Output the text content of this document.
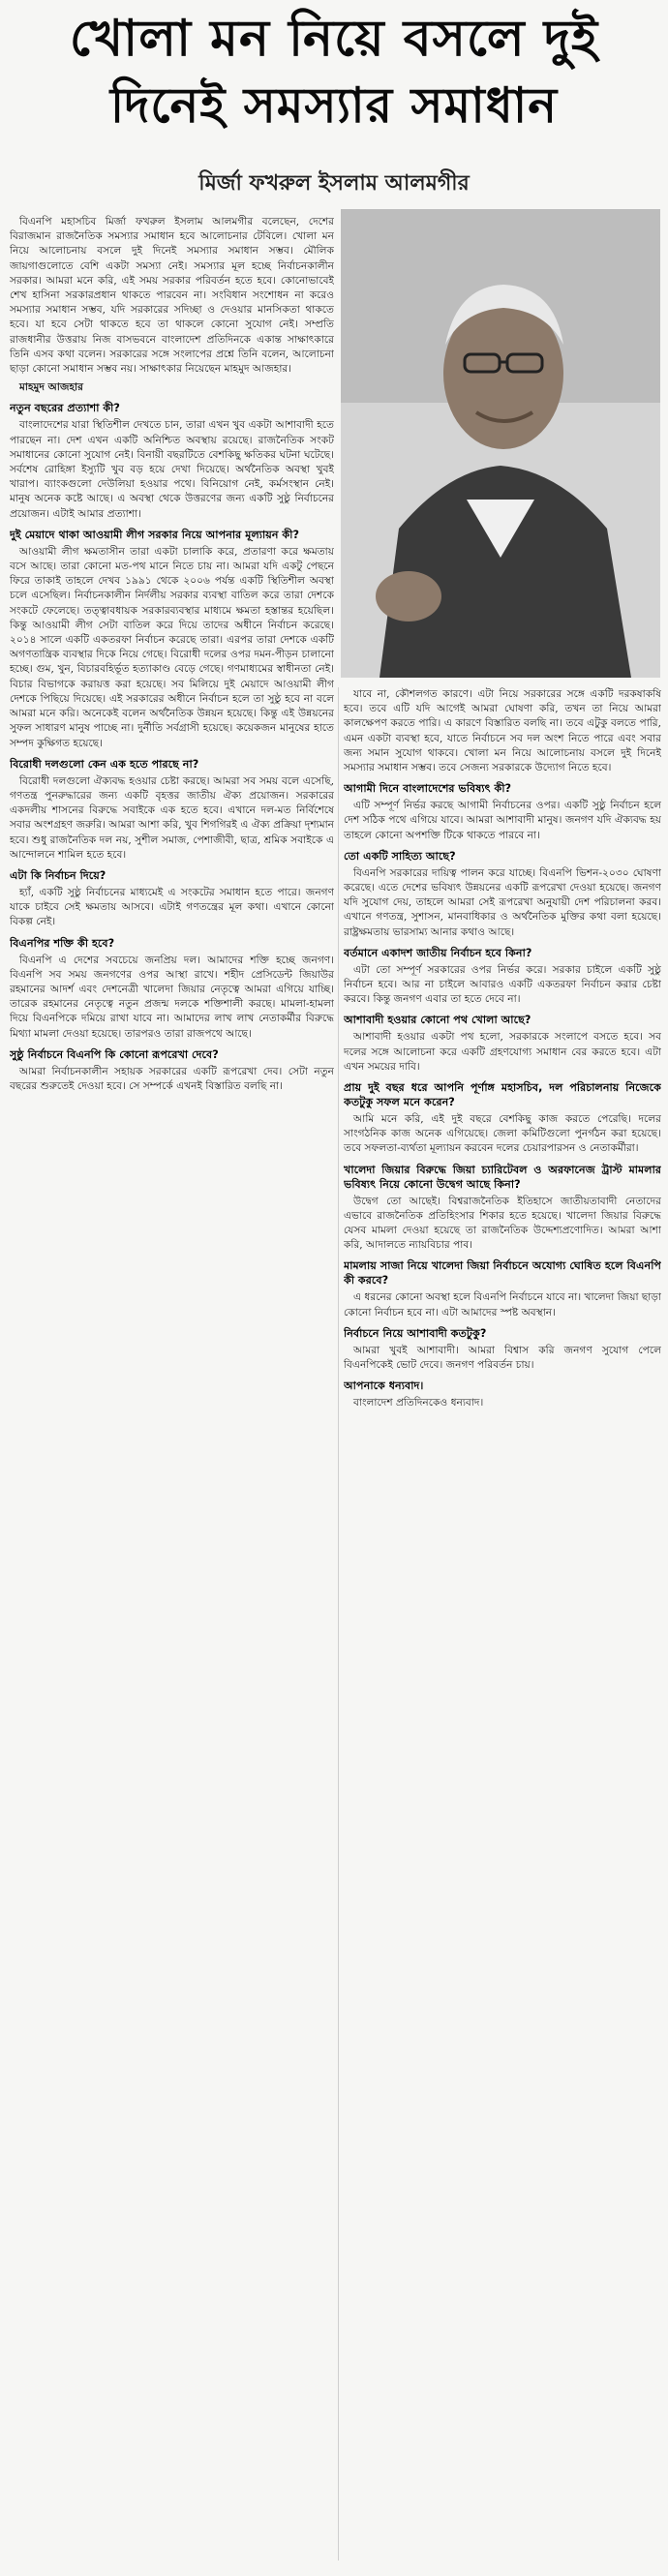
খোলা মন নিয়ে বসলে দুই
দিনেই সমস্যার সমাধান
মির্জা ফখরুল ইসলাম আলমগীর

বিএনপি মহাসচিব মির্জা ফখরুল ইসলাম আলমগীর বলেছেন, দেশের বিরাজমান রাজনৈতিক সমস্যার সমাধান হবে আলোচনার টেবিলে। খোলা মন নিয়ে আলোচনায় বসলে দুই দিনেই সমস্যার সমাধান সম্ভব। মৌলিক জায়গাগুলোতে বেশি একটা সমস্যা নেই। সমস্যার মূল হচ্ছে নির্বাচনকালীন সরকার। আমরা মনে করি, এই সময় সরকার পরিবর্তন হতে হবে। কোনোভাবেই শেখ হাসিনা সরকারপ্রধান থাকতে পারবেন না। সংবিধান সংশোধন না করেও সমস্যার সমাধান সম্ভব, যদি সরকারের সদিচ্ছা ও দেওয়ার মানসিকতা থাকতে হবে। যা হবে সেটা থাকতে হবে তা থাকলে কোনো সুযোগ নেই। সম্প্রতি রাজধানীর উত্তরায় নিজ বাসভবনে বাংলাদেশ প্রতিদিনকে একান্ত সাক্ষাৎকারে তিনি এসব কথা বলেন। সরকারের সঙ্গে সংলাপের প্রশ্নে তিনি বলেন, আলোচনা ছাড়া কোনো সমাধান সম্ভব নয়। সাক্ষাৎকার নিয়েছেন মাহমুদ আজহার।

মাহমুদ আজহার

নতুন বছরের প্রত্যাশা কী?

বাংলাদেশের যারা স্থিতিশীল দেখতে চান, তারা এখন খুব একটা আশাবাদী হতে পারছেন না। দেশ এখন একটি অনিশ্চিত অবস্থায় রয়েছে। রাজনৈতিক সংকট সমাধানের কোনো সুযোগ নেই। বিনায়ী বছরটিতে বেশকিছু ক্ষতিকর ঘটনা ঘটেছে। সর্বশেষ রোহিঙ্গা ইস্যুটি খুব বড় হয়ে দেখা দিয়েছে। অর্থনৈতিক অবস্থা খুবই খারাপ। ব্যাংকগুলো দেউলিয়া হওয়ার পথে। বিনিয়োগ নেই, কর্মসংস্থান নেই। মানুষ অনেক কষ্টে আছে। এ অবস্থা থেকে উত্তরণের জন্য একটি সুষ্ঠু নির্বাচনের প্রয়োজন। এটাই আমার প্রত্যাশা।

দুই মেয়াদে থাকা আওয়ামী লীগ সরকার নিয়ে আপনার মূল্যায়ন কী?

আওয়ামী লীগ ক্ষমতাসীন তারা একটা চালাকি করে, প্রতারণা করে ক্ষমতায় বসে আছে। তারা কোনো মত-পথ মানে নিতে চায় না। আমরা যদি একটু পেছনে ফিরে তাকাই তাহলে দেখব ১৯৯১ থেকে ২০০৬ পর্যন্ত একটি স্থিতিশীল অবস্থা চলে এসেছিল। নির্বাচনকালীন নির্দলীয় সরকার ব্যবস্থা বাতিল করে তারা দেশকে সংকটে ফেলেছে। তত্ত্বাবধায়ক সরকারব্যবস্থার মাধ্যমে ক্ষমতা হস্তান্তর হয়েছিল। কিন্তু আওয়ামী লীগ সেটা বাতিল করে দিয়ে তাদের অধীনে নির্বাচন করেছে। ২০১৪ সালে একটি একতরফা নির্বাচন করেছে তারা। এরপর তারা দেশকে একটি অগণতান্ত্রিক ব্যবস্থার দিকে নিয়ে গেছে। বিরোধী দলের ওপর দমন-পীড়ন চালানো হচ্ছে। গুম, খুন, বিচারবহির্ভূত হত্যাকাণ্ড বেড়ে গেছে। গণমাধ্যমের স্বাধীনতা নেই। বিচার বিভাগকে করায়ত্ত করা হয়েছে। সব মিলিয়ে দুই মেয়াদে আওয়ামী লীগ দেশকে পিছিয়ে দিয়েছে। এই সরকারের অধীনে নির্বাচন হলে তা সুষ্ঠু হবে না বলে আমরা মনে করি। অনেকেই বলেন অর্থনৈতিক উন্নয়ন হয়েছে। কিন্তু এই উন্নয়নের সুফল সাধারণ মানুষ পাচ্ছে না। দুর্নীতি সর্বগ্রাসী হয়েছে। কয়েকজন মানুষের হাতে সম্পদ কুক্ষিগত হয়েছে।

বিরোধী দলগুলো কেন এক হতে পারছে না?

বিরোধী দলগুলো ঐক্যবদ্ধ হওয়ার চেষ্টা করছে। আমরা সব সময় বলে এসেছি, গণতন্ত্র পুনরুদ্ধারের জন্য একটি বৃহত্তর জাতীয় ঐক্য প্রয়োজন। সরকারের একদলীয় শাসনের বিরুদ্ধে সবাইকে এক হতে হবে। এখানে দল-মত নির্বিশেষে সবার অংশগ্রহণ জরুরি। আমরা আশা করি, খুব শিগগিরই এ ঐক্য প্রক্রিয়া দৃশ্যমান হবে। শুধু রাজনৈতিক দল নয়, সুশীল সমাজ, পেশাজীবী, ছাত্র, শ্রমিক সবাইকে এ আন্দোলনে শামিল হতে হবে।

এটা কি নির্বাচন দিয়ে?

হ্যাঁ, একটি সুষ্ঠু নির্বাচনের মাধ্যমেই এ সংকটের সমাধান হতে পারে। জনগণ যাকে চাইবে সেই ক্ষমতায় আসবে। এটাই গণতন্ত্রের মূল কথা। এখানে কোনো বিকল্প নেই।

বিএনপির শক্তি কী হবে?

বিএনপি এ দেশের সবচেয়ে জনপ্রিয় দল। আমাদের শক্তি হচ্ছে জনগণ। বিএনপি সব সময় জনগণের ওপর আস্থা রাখে। শহীদ প্রেসিডেন্ট জিয়াউর রহমানের আদর্শ এবং দেশনেত্রী খালেদা জিয়ার নেতৃত্বে আমরা এগিয়ে যাচ্ছি। তারেক রহমানের নেতৃত্বে নতুন প্রজন্ম দলকে শক্তিশালী করছে। মামলা-হামলা দিয়ে বিএনপিকে দমিয়ে রাখা যাবে না। আমাদের লাখ লাখ নেতাকর্মীর বিরুদ্ধে মিথ্যা মামলা দেওয়া হয়েছে। তারপরও তারা রাজপথে আছে।

সুষ্ঠু নির্বাচনে বিএনপি কি কোনো রূপরেখা দেবে?

আমরা নির্বাচনকালীন সহায়ক সরকারের একটি রূপরেখা দেব। সেটা নতুন বছরের শুরুতেই দেওয়া হবে। সে সম্পর্কে এখনই বিস্তারিত বলছি না।

যাবে না, কৌশলগত কারণে। এটা নিয়ে সরকারের সঙ্গে একটি দরকষাকষি হবে। তবে এটি যদি আগেই আমরা ঘোষণা করি, তখন তা নিয়ে আমরা কালক্ষেপণ করতে পারি। এ কারণে বিস্তারিত বলছি না। তবে এটুকু বলতে পারি, এমন একটা ব্যবস্থা হবে, যাতে নির্বাচনে সব দল অংশ নিতে পারে এবং সবার জন্য সমান সুযোগ থাকবে। খোলা মন নিয়ে আলোচনায় বসলে দুই দিনেই সমস্যার সমাধান সম্ভব। তবে সেজন্য সরকারকে উদ্যোগ নিতে হবে।

আগামী দিনে বাংলাদেশের ভবিষ্যৎ কী?

এটি সম্পূর্ণ নির্ভর করছে আগামী নির্বাচনের ওপর। একটি সুষ্ঠু নির্বাচন হলে দেশ সঠিক পথে এগিয়ে যাবে। আমরা আশাবাদী মানুষ। জনগণ যদি ঐক্যবদ্ধ হয় তাহলে কোনো অপশক্তি টিকে থাকতে পারবে না।

তো একটি সাহিত্য আছে?

বিএনপি সরকারের দায়িত্ব পালন করে যাচ্ছে। বিএনপি ভিশন-২০৩০ ঘোষণা করেছে। এতে দেশের ভবিষ্যৎ উন্নয়নের একটি রূপরেখা দেওয়া হয়েছে। জনগণ যদি সুযোগ দেয়, তাহলে আমরা সেই রূপরেখা অনুযায়ী দেশ পরিচালনা করব। এখানে গণতন্ত্র, সুশাসন, মানবাধিকার ও অর্থনৈতিক মুক্তির কথা বলা হয়েছে। রাষ্ট্রক্ষমতায় ভারসাম্য আনার কথাও আছে।

বর্তমানে একাদশ জাতীয় নির্বাচন হবে কিনা?

এটা তো সম্পূর্ণ সরকারের ওপর নির্ভর করে। সরকার চাইলে একটি সুষ্ঠু নির্বাচন হবে। আর না চাইলে আবারও একটি একতরফা নির্বাচন করার চেষ্টা করবে। কিন্তু জনগণ এবার তা হতে দেবে না।

আশাবাদী হওয়ার কোনো পথ খোলা আছে?

আশাবাদী হওয়ার একটা পথ হলো, সরকারকে সংলাপে বসতে হবে। সব দলের সঙ্গে আলোচনা করে একটি গ্রহণযোগ্য সমাধান বের করতে হবে। এটা এখন সময়ের দাবি।

প্রায় দুই বছর ধরে আপনি পূর্ণাঙ্গ মহাসচিব, দল পরিচালনায় নিজেকে কতটুকু সফল মনে করেন?

আমি মনে করি, এই দুই বছরে বেশকিছু কাজ করতে পেরেছি। দলের সাংগঠনিক কাজ অনেক এগিয়েছে। জেলা কমিটিগুলো পুনর্গঠন করা হয়েছে। তবে সফলতা-ব্যর্থতা মূল্যায়ন করবেন দলের চেয়ারপারসন ও নেতাকর্মীরা।

খালেদা জিয়ার বিরুদ্ধে জিয়া চ্যারিটেবল ও অরফানেজ ট্রাস্ট মামলার ভবিষ্যৎ নিয়ে কোনো উদ্বেগ আছে কিনা?

উদ্বেগ তো আছেই। বিশ্বরাজনৈতিক ইতিহাসে জাতীয়তাবাদী নেতাদের এভাবে রাজনৈতিক প্রতিহিংসার শিকার হতে হয়েছে। খালেদা জিয়ার বিরুদ্ধে যেসব মামলা দেওয়া হয়েছে তা রাজনৈতিক উদ্দেশ্যপ্রণোদিত। আমরা আশা করি, আদালতে ন্যায়বিচার পাব।

মামলায় সাজা নিয়ে খালেদা জিয়া নির্বাচনে অযোগ্য ঘোষিত হলে বিএনপি কী করবে?

এ ধরনের কোনো অবস্থা হলে বিএনপি নির্বাচনে যাবে না। খালেদা জিয়া ছাড়া কোনো নির্বাচন হবে না। এটা আমাদের স্পষ্ট অবস্থান।

নির্বাচনে নিয়ে আশাবাদী কতটুকু?

আমরা খুবই আশাবাদী। আমরা বিশ্বাস করি জনগণ সুযোগ পেলে বিএনপিকেই ভোট দেবে। জনগণ পরিবর্তন চায়।

আপনাকে ধন্যবাদ।

বাংলাদেশ প্রতিদিনকেও ধন্যবাদ।
